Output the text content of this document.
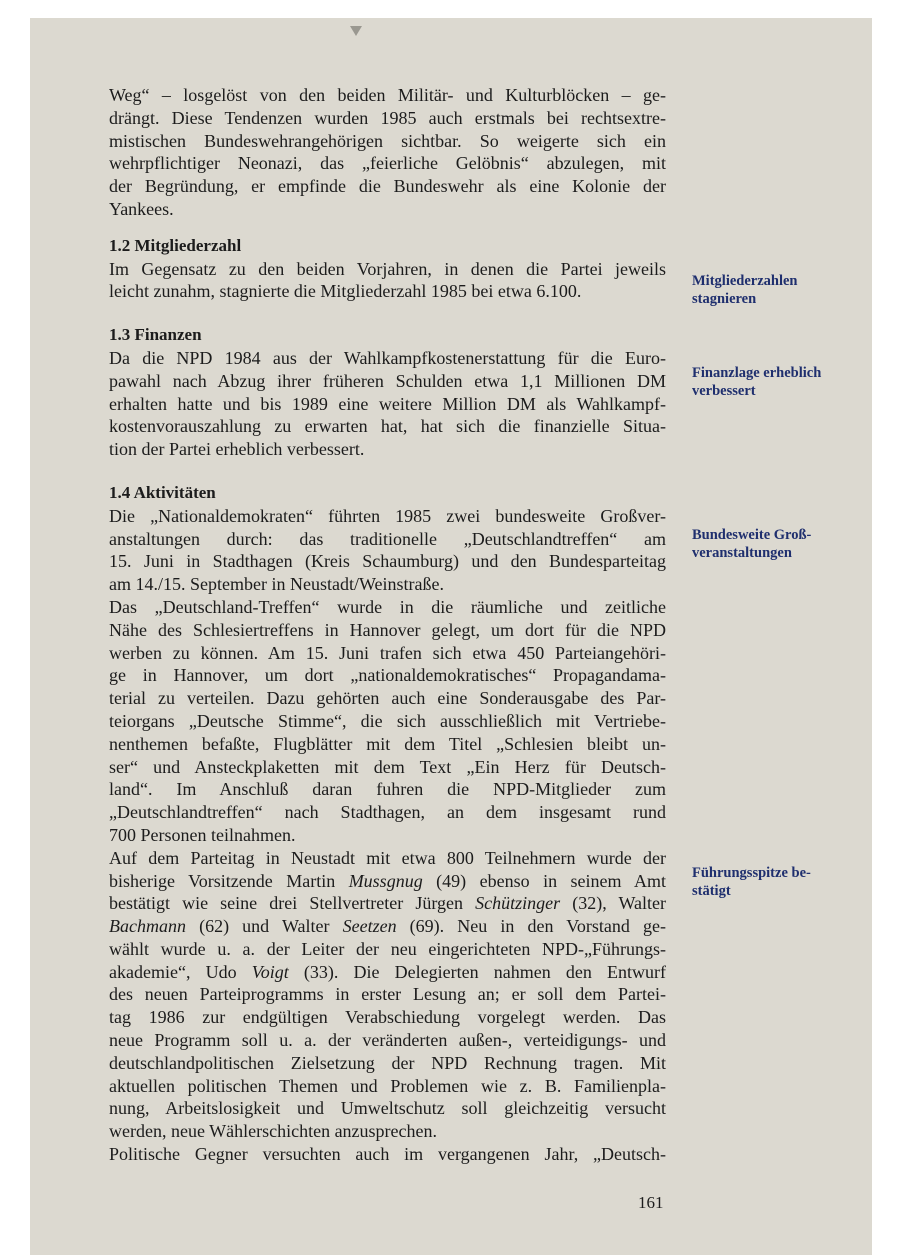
Weg“ – losgelöst von den beiden Militär- und Kulturblöcken – ge-
drängt. Diese Tendenzen wurden 1985 auch erstmals bei rechtsextre-
mistischen Bundeswehrangehörigen sichtbar. So weigerte sich ein
wehrpflichtiger Neonazi, das „feierliche Gelöbnis“ abzulegen, mit
der Begründung, er empfinde die Bundeswehr als eine Kolonie der
Yankees.
1.2 Mitgliederzahl
Im Gegensatz zu den beiden Vorjahren, in denen die Partei jeweils
leicht zunahm, stagnierte die Mitgliederzahl 1985 bei etwa 6.100.
1.3 Finanzen
Da die NPD 1984 aus der Wahlkampfkostenerstattung für die Euro-
pawahl nach Abzug ihrer früheren Schulden etwa 1,1 Millionen DM
erhalten hatte und bis 1989 eine weitere Million DM als Wahlkampf-
kostenvorauszahlung zu erwarten hat, hat sich die finanzielle Situa-
tion der Partei erheblich verbessert.
1.4 Aktivitäten
Die „Nationaldemokraten“ führten 1985 zwei bundesweite Großver-
anstaltungen durch: das traditionelle „Deutschlandtreffen“ am
15. Juni in Stadthagen (Kreis Schaumburg) und den Bundesparteitag
am 14./15. September in Neustadt/Weinstraße.
Das „Deutschland-Treffen“ wurde in die räumliche und zeitliche
Nähe des Schlesiertreffens in Hannover gelegt, um dort für die NPD
werben zu können. Am 15. Juni trafen sich etwa 450 Parteiangehöri-
ge in Hannover, um dort „nationaldemokratisches“ Propagandama-
terial zu verteilen. Dazu gehörten auch eine Sonderausgabe des Par-
teiorgans „Deutsche Stimme“, die sich ausschließlich mit Vertriebe-
nenthemen befaßte, Flugblätter mit dem Titel „Schlesien bleibt un-
ser“ und Ansteckplaketten mit dem Text „Ein Herz für Deutsch-
land“. Im Anschluß daran fuhren die NPD-Mitglieder zum
„Deutschlandtreffen“ nach Stadthagen, an dem insgesamt rund
700 Personen teilnahmen.
Auf dem Parteitag in Neustadt mit etwa 800 Teilnehmern wurde der
bisherige Vorsitzende Martin Mussgnug (49) ebenso in seinem Amt
bestätigt wie seine drei Stellvertreter Jürgen Schützinger (32), Walter
Bachmann (62) und Walter Seetzen (69). Neu in den Vorstand ge-
wählt wurde u. a. der Leiter der neu eingerichteten NPD-„Führungs-
akademie“, Udo Voigt (33). Die Delegierten nahmen den Entwurf
des neuen Parteiprogramms in erster Lesung an; er soll dem Partei-
tag 1986 zur endgültigen Verabschiedung vorgelegt werden. Das
neue Programm soll u. a. der veränderten außen-, verteidigungs- und
deutschlandpolitischen Zielsetzung der NPD Rechnung tragen. Mit
aktuellen politischen Themen und Problemen wie z. B. Familienpla-
nung, Arbeitslosigkeit und Umweltschutz soll gleichzeitig versucht
werden, neue Wählerschichten anzusprechen.
Politische Gegner versuchten auch im vergangenen Jahr, „Deutsch-
Mitgliederzahlen
stagnieren
Finanzlage erheblich
verbessert
Bundesweite Groß-
veranstaltungen
Führungsspitze be-
stätigt
161
